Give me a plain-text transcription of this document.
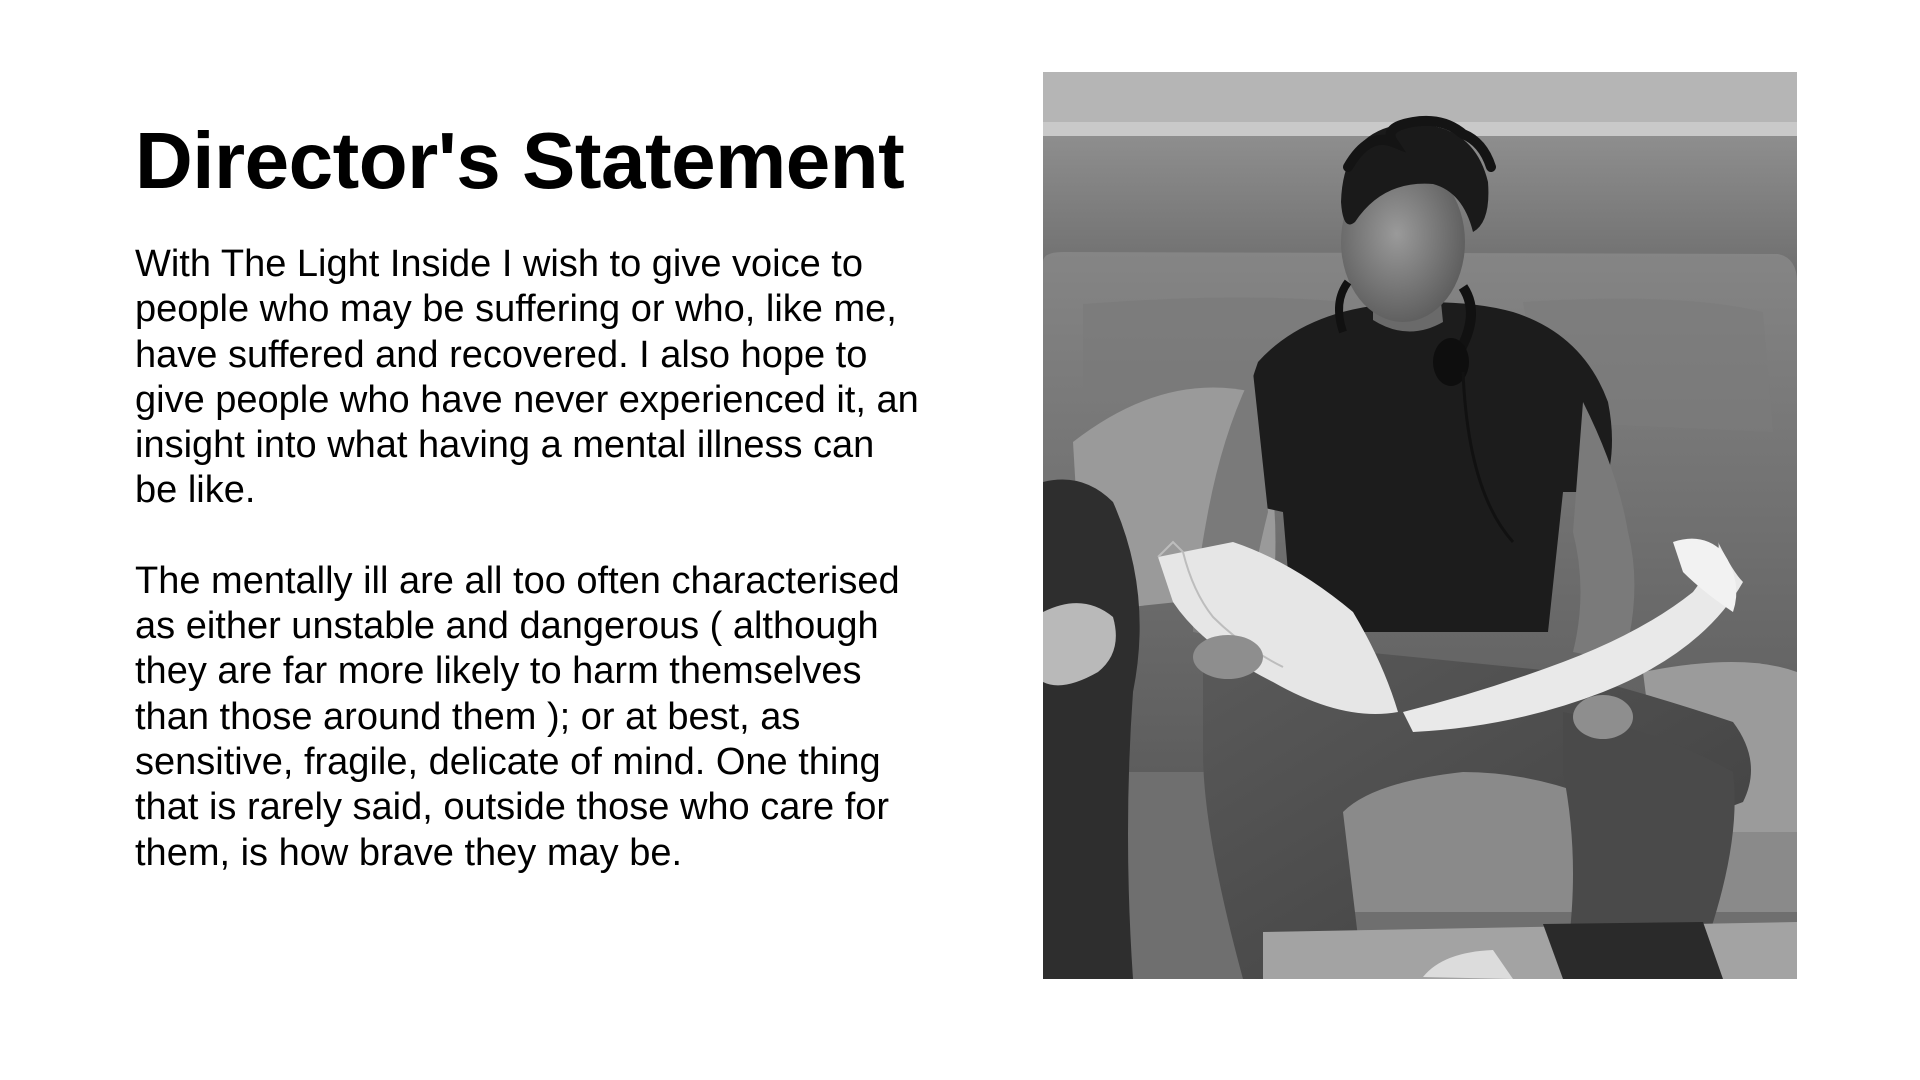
Director's Statement

With The Light Inside I wish to give voice to
people who may be suffering or who, like me,
have suffered and recovered. I also hope to
give people who have never experienced it, an
insight into what having a mental illness can
be like.

The mentally ill are all too often characterised
as either unstable and dangerous ( although
they are far more likely to harm themselves
than those around them ); or at best, as
sensitive, fragile, delicate of mind. One thing
that is rarely said, outside those who care for
them, is how brave they may be.
